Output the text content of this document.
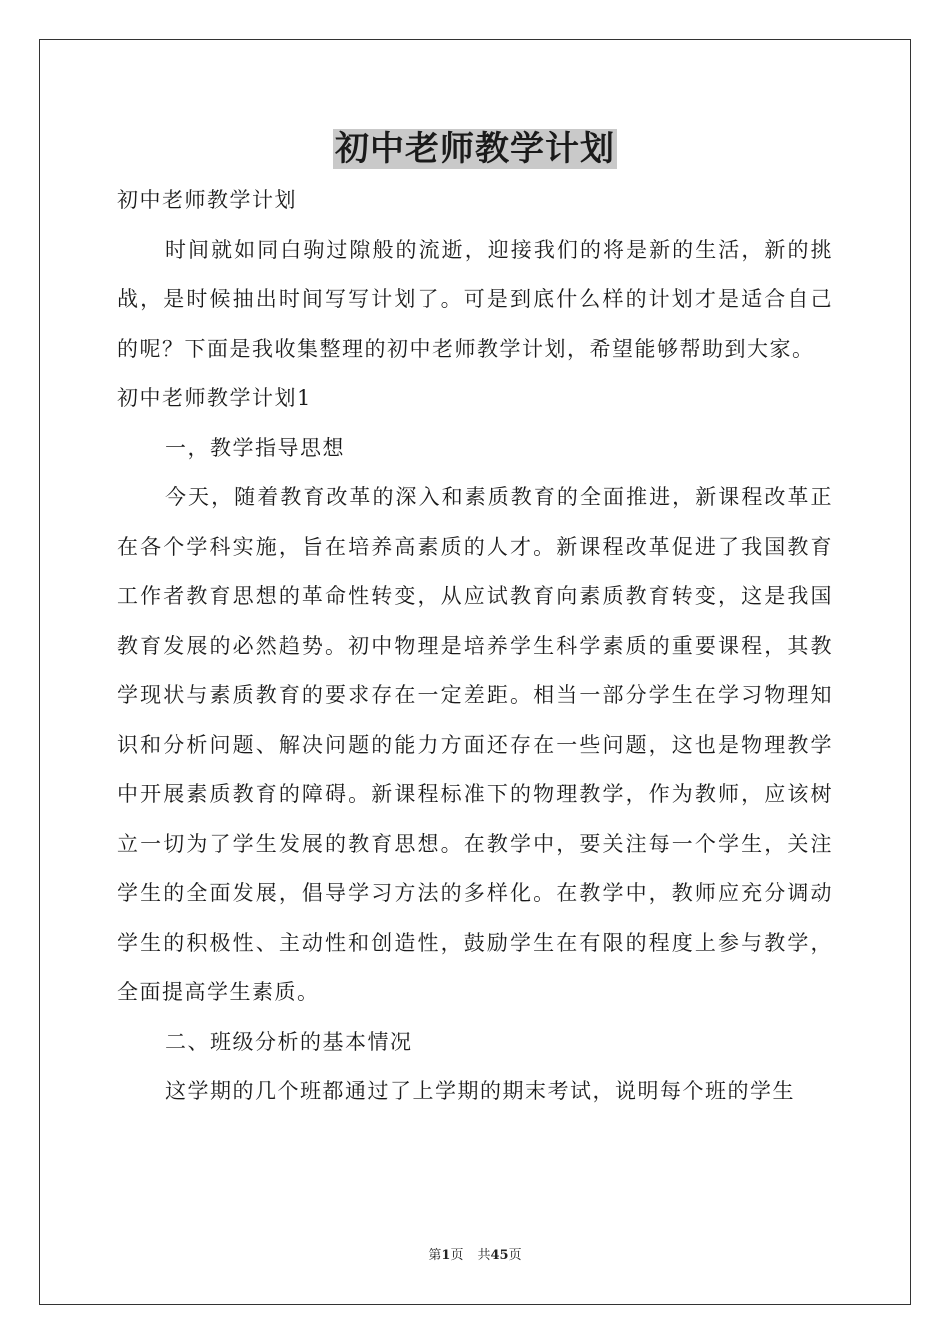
初中老师教学计划

初中老师教学计划

时间就如同白驹过隙般的流逝，迎接我们的将是新的生活，新的挑战，是时候抽出时间写写计划了。可是到底什么样的计划才是适合自己的呢？下面是我收集整理的初中老师教学计划，希望能够帮助到大家。

初中老师教学计划1

一，教学指导思想

今天，随着教育改革的深入和素质教育的全面推进，新课程改革正在各个学科实施，旨在培养高素质的人才。新课程改革促进了我国教育工作者教育思想的革命性转变，从应试教育向素质教育转变，这是我国教育发展的必然趋势。初中物理是培养学生科学素质的重要课程，其教学现状与素质教育的要求存在一定差距。相当一部分学生在学习物理知识和分析问题、解决问题的能力方面还存在一些问题，这也是物理教学中开展素质教育的障碍。新课程标准下的物理教学，作为教师，应该树立一切为了学生发展的教育思想。在教学中，要关注每一个学生，关注学生的全面发展，倡导学习方法的多样化。在教学中，教师应充分调动学生的积极性、主动性和创造性，鼓励学生在有限的程度上参与教学，全面提高学生素质。

二、班级分析的基本情况

这学期的几个班都通过了上学期的期末考试，说明每个班的学生

第1页 共45页
